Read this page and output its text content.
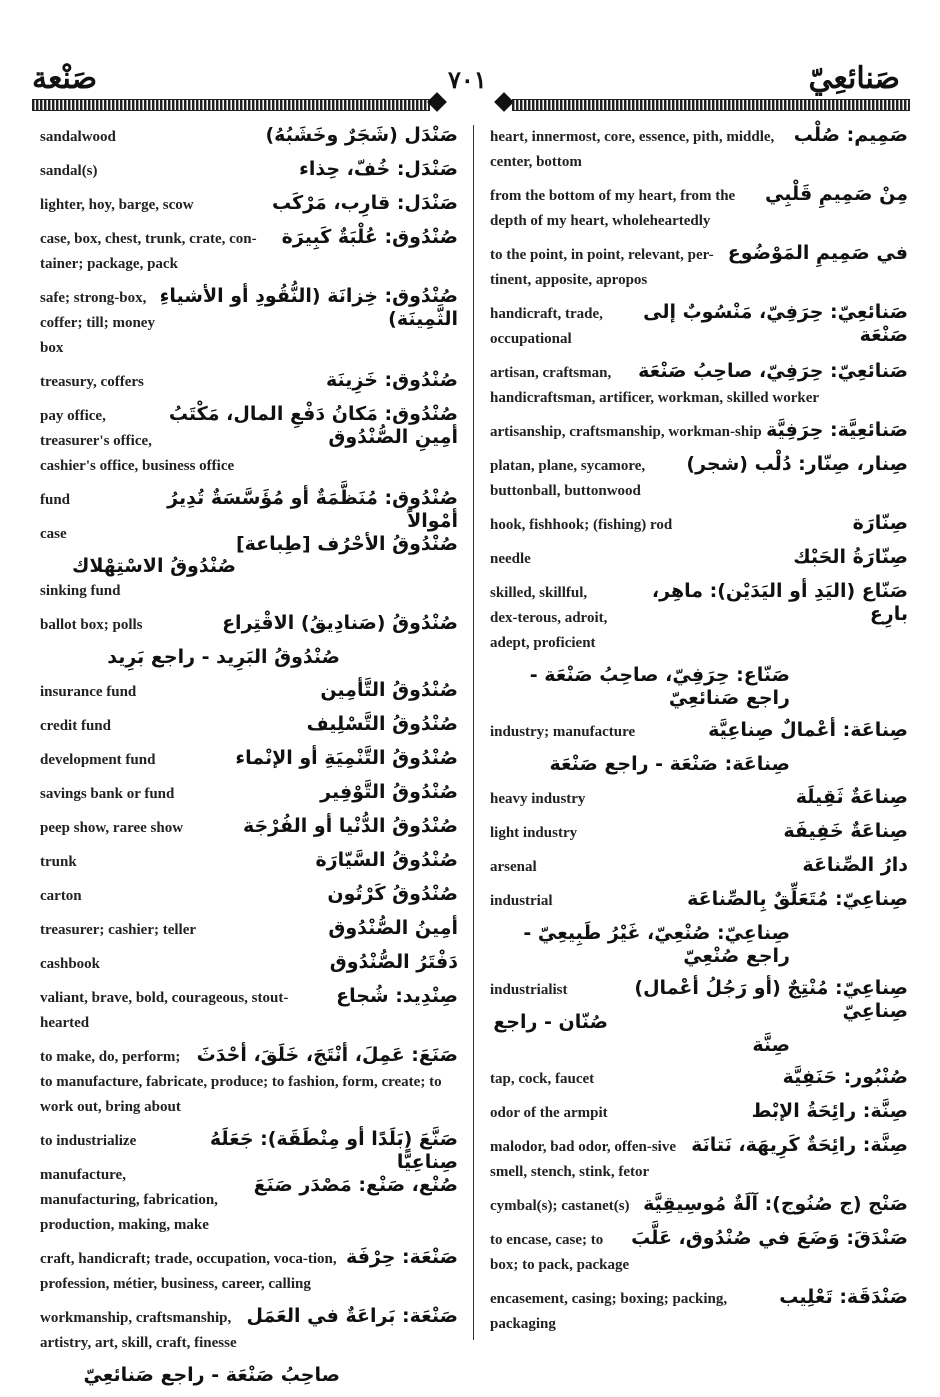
صَنْعة	٧٠١	صَنائعِيّ
صَنْدَل (شَجَرٌ وخَشَبُهُ)
sandalwood
صَنْدَل: خُفّ، حِذاء
sandal(s)
صَنْدَل: قارِب، مَرْكَب
lighter, hoy, barge, scow
صُنْدُوق: عُلْبَةٌ كَبِيرَة
case, box, chest, trunk, crate, con-tainer; package, pack
صُنْدُوق: خِزانَة (النُّقُودِ أو الأشياءِ الثَّمِينَة)
safe; strong-box, coffer; till; money box
صُنْدُوق: خَزِينَة
treasury, coffers
صُنْدُوق: مَكانُ دَفْعِ المال، مَكْتَبُ أمِينِ الصُّنْدُوق
pay office, treasurer's office, cashier's office, business office
صُنْدُوق: مُنَظَّمَةٌ أو مُؤَسَّسَةٌ تُدِيرُ أمْوالاً
fund
صُنْدُوقُ الأحْرُف [طِباعة]
case
صُنْدُوقُ الاسْتِهْلاك
sinking fund
صُنْدُوقُ (صَنادِيقُ) الاقْتِراع
ballot box; polls
صُنْدُوقُ البَرِيد - راجع بَرِيد
صُنْدُوقُ التَّأمِين
insurance fund
صُنْدُوقُ التَّسْلِيف
credit fund
صُنْدُوقُ التَّنْمِيَةِ أو الإنْماء
development fund
صُنْدُوقُ التَّوْفِير
savings bank or fund
صُنْدُوقُ الدُّنْيا أو الفُرْجَة
peep show, raree show
صُنْدُوقُ السَّيّارَة
trunk
صُنْدُوقُ كَرْتُون
carton
أمِينُ الصُّنْدُوق
treasurer; cashier; teller
دَفْتَرُ الصُّنْدُوق
cashbook
صِنْدِيد: شُجاع
valiant, brave, bold, courageous, stout-hearted
صَنَعَ: عَمِلَ، أنْتَجَ، خَلَقَ، أحْدَثَ
to make, do, perform; to manufacture, fabricate, produce; to fashion, form, create; to work out, bring about
صَنَّعَ (بَلَدًا أو مِنْطَقَة): جَعَلَهُ صِناعِيًّا
to industrialize
صُنْع، صَنْع: مَصْدَر صَنَعَ
manufacture, manufacturing, fabrication, production, making, make
صَنْعَة: حِرْفَة
craft, handicraft; trade, occupation, voca-tion, profession, métier, business, career, calling
صَنْعَة: بَراعَةٌ في العَمَل
workmanship, craftsmanship, artistry, art, skill, craft, finesse
صاحِبُ صَنْعَة - راجع صَنائعِيّ
صَمِيم: صُلْب
heart, innermost, core, essence, pith, middle, center, bottom
مِنْ صَمِيمِ قَلْبِي
from the bottom of my heart, from the depth of my heart, wholeheartedly
في صَمِيمِ المَوْضُوع
to the point, in point, relevant, per-tinent, apposite, apropos
صَنائعِيّ: حِرَفِيّ، مَنْسُوبٌ إلى صَنْعَة
handicraft, trade, occupational
صَنائعِيّ: حِرَفِيّ، صاحِبُ صَنْعَة
artisan, craftsman, handicraftsman, artificer, workman, skilled worker
صَنائعِيَّة: حِرَفِيَّة
artisanship, craftsmanship, workman-ship
صِنار، صِنّار: دُلْب (شجر)
platan, plane, sycamore, buttonball, buttonwood
صِنّارَة
hook, fishhook; (fishing) rod
صِنّارَةُ الحَبْك
needle
صَنّاع (اليَدِ أو اليَدَيْن): ماهِر، بارِع
skilled, skillful, dex-terous, adroit, adept, proficient
صَنّاع: حِرَفِيّ، صاحِبُ صَنْعَة - راجع صَنائعِيّ
صِناعَة: أعْمالٌ صِناعِيَّة
industry; manufacture
صِناعَة: صَنْعَة - راجع صَنْعَة
صِناعَةٌ ثَقِيلَة
heavy industry
صِناعَةٌ خَفِيفَة
light industry
دارُ الصِّناعَة
arsenal
صِناعِيّ: مُتَعَلِّقٌ بِالصِّناعَة
industrial
صِناعِيّ: صُنْعِيّ، غَيْرُ طَبِيعِيّ - راجع صُنْعِيّ
صِناعِيّ: مُنْتِجٌ (أو رَجُلُ أعْمال) صِناعِيّ
industrialist
صُنّان - راجع صِنَّة
صُنْبُور: حَنَفِيَّة
tap, cock, faucet
صِنَّة: رائِحَةُ الإبْط
odor of the armpit
صِنَّة: رائِحَةٌ كَرِيهَة، نَتانَة
malodor, bad odor, offen-sive smell, stench, stink, fetor
صَنْج (ج صُنُوج): آلَةٌ مُوسِيقِيَّة
cymbal(s); castanet(s)
صَنْدَقَ: وَضَعَ في صُنْدُوق، عَلَّبَ
to encase, case; to box; to pack, package
صَنْدَقَة: تَعْلِيب
encasement, casing; boxing; packing, packaging
